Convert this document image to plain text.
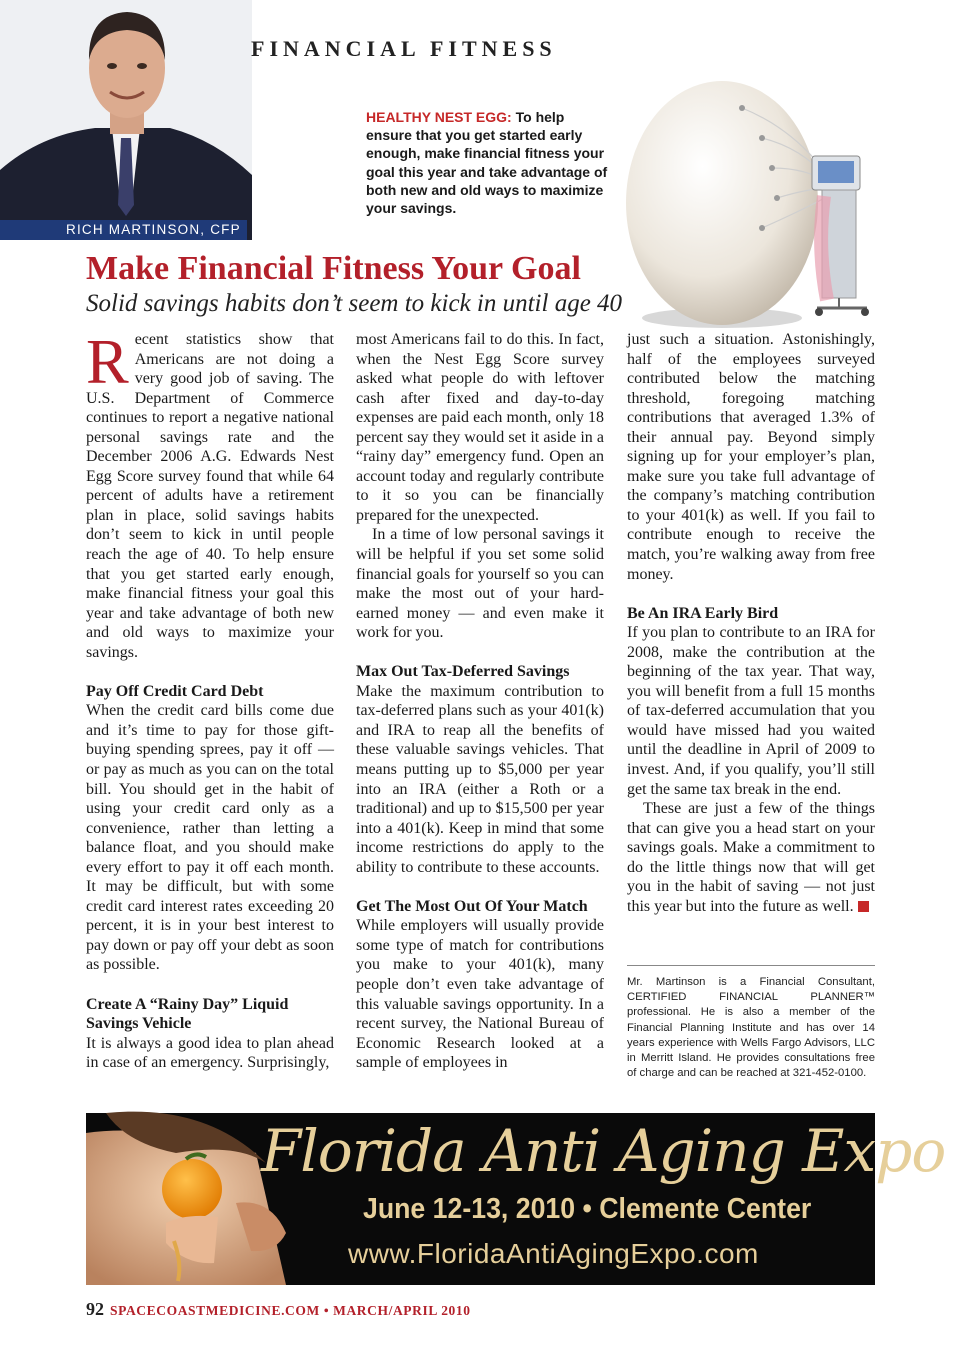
RICH MARTINSON, CFP
FINANCIAL FITNESS
HEALTHY NEST EGG: To help ensure that you get started early enough, make financial fitness your goal this year and take advantage of both new and old ways to maximize your savings.
Make Financial Fitness Your Goal
Solid savings habits don’t seem to kick in until age 40

Recent statistics show that Americans are not doing a very good job of saving. The U.S. Department of Commerce continues to report a negative national personal savings rate and the December 2006 A.G. Edwards Nest Egg Score survey found that while 64 percent of adults have a retirement plan in place, solid savings habits don’t seem to kick in until people reach the age of 40. To help ensure that you get started early enough, make financial fitness your goal this year and take advantage of both new and old ways to maximize your savings.

Pay Off Credit Card Debt

When the credit card bills come due and it’s time to pay for those gift-buying spending sprees, pay it off — or pay as much as you can on the total bill. You should get in the habit of using your credit card only as a convenience, rather than letting a balance float, and you should make every effort to pay it off each month. It may be difficult, but with some credit card interest rates exceeding 20 percent, it is in your best interest to pay down or pay off your debt as soon as possible.

Create A “Rainy Day” Liquid Savings Vehicle

It is always a good idea to plan ahead in case of an emergency. Surprisingly,

most Americans fail to do this. In fact, when the Nest Egg Score survey asked what people do with leftover cash after fixed and day-to-day expenses are paid each month, only 18 percent say they would set it aside in a “rainy day” emergency fund. Open an account today and regularly contribute to it so you can be financially prepared for the unexpected.

In a time of low personal savings it will be helpful if you set some solid financial goals for yourself so you can make the most out of your hard-earned money — and even make it work for you.

Max Out Tax-Deferred Savings

Make the maximum contribution to tax-deferred plans such as your 401(k) and IRA to reap all the benefits of these valuable savings vehicles. That means putting up to $5,000 per year into an IRA (either a Roth or a traditional) and up to $15,500 per year into a 401(k). Keep in mind that some income restrictions do apply to the ability to contribute to these accounts.

Get The Most Out Of Your Match

While employers will usually provide some type of match for contributions you make to your 401(k), many people don’t even take advantage of this valuable savings opportunity. In a recent survey, the National Bureau of Economic Research looked at a sample of employees in

just such a situation. Astonishingly, half of the employees surveyed contributed below the matching threshold, foregoing matching contributions that averaged 1.3% of their annual pay. Beyond simply signing up for your employer’s plan, make sure you take full advantage of the company’s matching contribution to your 401(k) as well. If you fail to contribute enough to receive the match, you’re walking away from free money.

Be An IRA Early Bird

If you plan to contribute to an IRA for 2008, make the contribution at the beginning of the tax year. That way, you will benefit from a full 15 months of tax-deferred accumulation that you would have missed had you waited until the deadline in April of 2009 to invest. And, if you qualify, you’ll still get the same tax break in the end.

These are just a few of the things that can give you a head start on your savings goals. Make a commitment to do the little things now that will get you in the habit of saving — not just this year but into the future as well.

Mr. Martinson is a Financial Consultant, CERTIFIED FINANCIAL PLANNER™ professional. He is also a member of the Financial Planning Institute and has over 14 years experience with Wells Fargo Advisors, LLC in Merritt Island. He provides consultations free of charge and can be reached at 321-452-0100.
Florida Anti Aging Expo
June 12-13, 2010 • Clemente Center
www.FloridaAntiAgingExpo.com
92 SPACECOASTMEDICINE.COM • MARCH/APRIL 2010
